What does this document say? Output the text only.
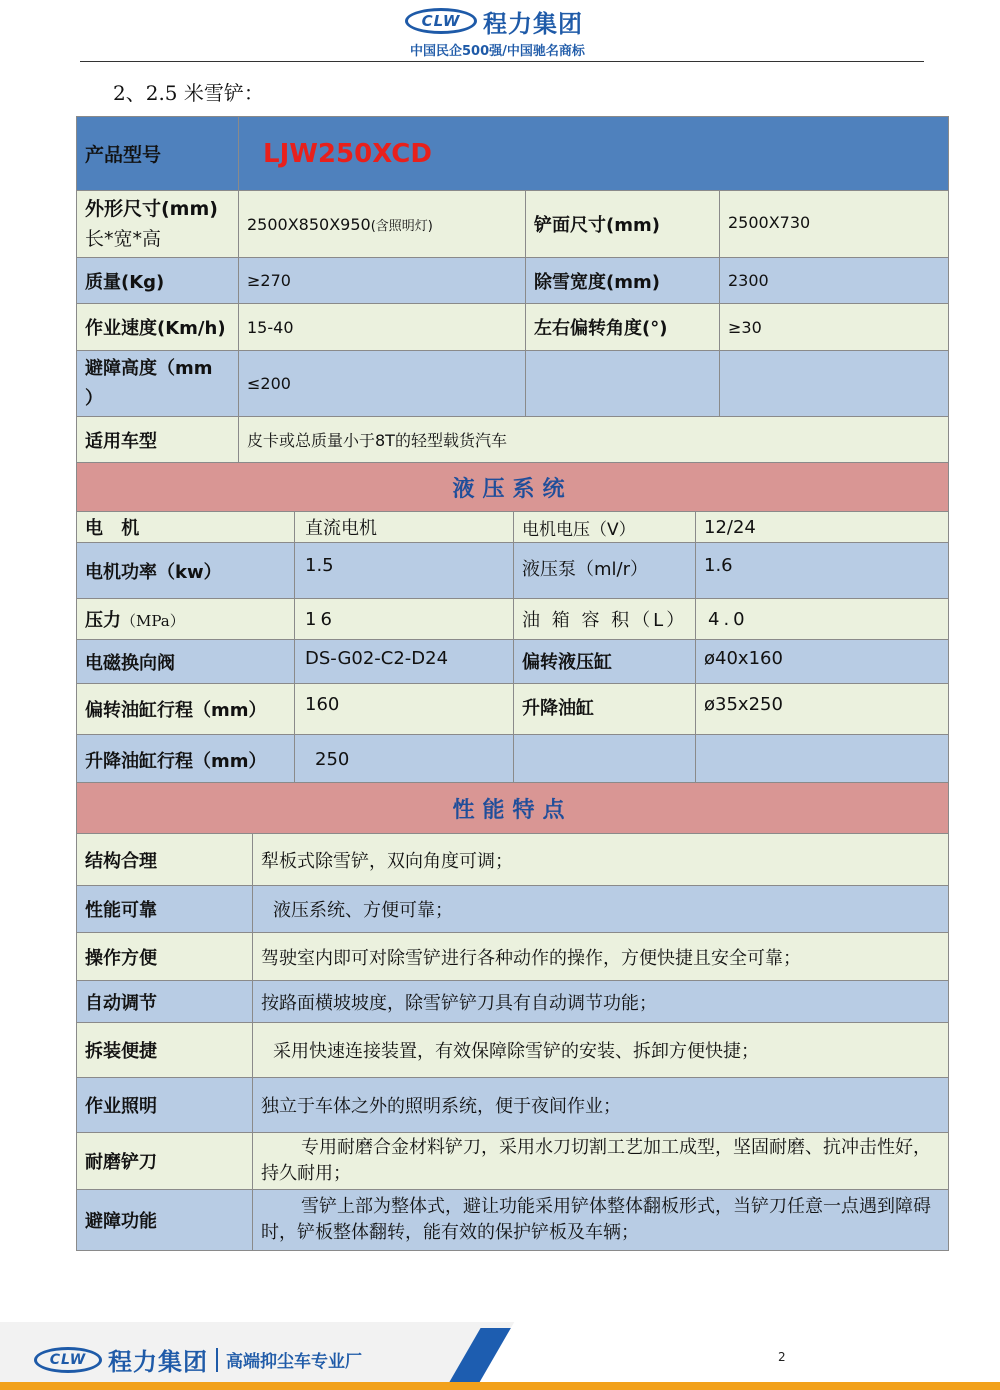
CLW 程力集团
中国民企500强/中国驰名商标
2、2.5 米雪铲：
产品型号	LJW250XCD		
外形尺寸(mm)
长*宽*高	2500X850X950(含照明灯)	铲面尺寸(mm)	2500X730
质量(Kg)	≥270	除雪宽度(mm)	2300
作业速度(Km/h)	15-40	左右偏转角度(°)	≥30
避障高度（mm
）	≤200		
适用车型	皮卡或总质量小于8T的轻型载货汽车		
液压系统			
电 机	直流电机	电机电压（V）	12/24
电机功率（kw）	1.5	液压泵（ml/r）	1.6
压力（MPa）	16	油 箱 容 积（L）	4.0
电磁换向阀	DS-G02-C2-D24	偏转液压缸	ø40x160
偏转油缸行程（mm）	160	升降油缸	ø35x250
升降油缸行程（mm）	250		
性能特点	
结构合理	犁板式除雪铲，双向角度可调；
性能可靠	液压系统、方便可靠；
操作方便	驾驶室内即可对除雪铲进行各种动作的操作，方便快捷且安全可靠；
自动调节	按路面横坡坡度，除雪铲铲刀具有自动调节功能；
拆装便捷	采用快速连接装置，有效保障除雪铲的安装、拆卸方便快捷；
作业照明	独立于车体之外的照明系统，便于夜间作业；
耐磨铲刀	专用耐磨合金材料铲刀，采用水刀切割工艺加工成型，坚固耐磨、抗冲击性好，持久耐用；
避障功能	雪铲上部为整体式，避让功能采用铲体整体翻板形式，当铲刀任意一点遇到障碍时，铲板整体翻转，能有效的保护铲板及车辆；
CLW 程力集团 高端抑尘车专业厂	2
